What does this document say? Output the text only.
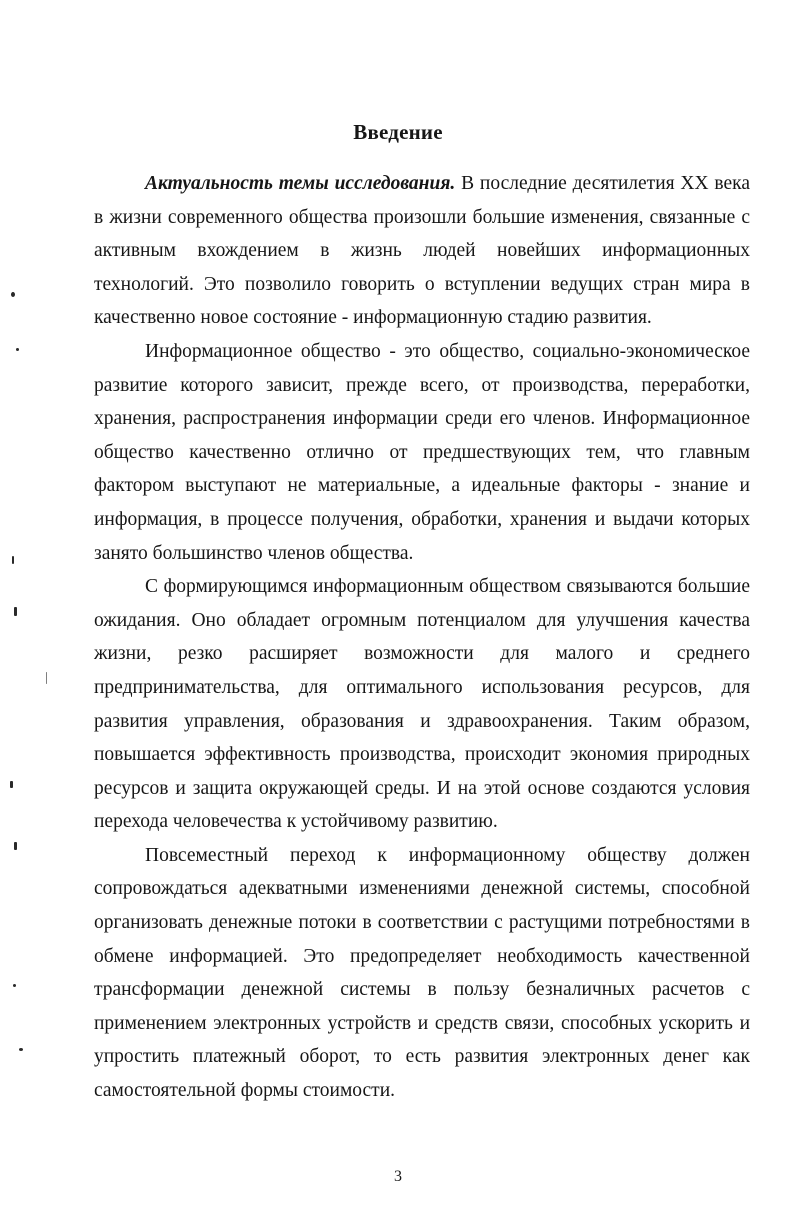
Введение

Актуальность темы исследования. В последние десятилетия XX века в жизни современного общества произошли большие изменения, связанные с активным вхождением в жизнь людей новейших информационных технологий. Это позволило говорить о вступлении ведущих стран мира в качественно новое состояние - информационную стадию развития.

Информационное общество - это общество, социально-экономическое развитие которого зависит, прежде всего, от производства, переработки, хранения, распространения информации среди его членов. Информационное общество качественно отлично от предшествующих тем, что главным фактором выступают не материальные, а идеальные факторы - знание и информация, в процессе получения, обработки, хранения и выдачи которых занято большинство членов общества.

С формирующимся информационным обществом связываются большие ожидания. Оно обладает огромным потенциалом для улучшения качества жизни, резко расширяет возможности для малого и среднего предпринимательства, для оптимального использования ресурсов, для развития управления, образования и здравоохранения. Таким образом, повышается эффективность производства, происходит экономия природных ресурсов и защита окружающей среды. И на этой основе создаются условия перехода человечества к устойчивому развитию.

Повсеместный переход к информационному обществу должен сопровождаться адекватными изменениями денежной системы, способной организовать денежные потоки в соответствии с растущими потребностями в обмене информацией. Это предопределяет необходимость качественной трансформации денежной системы в пользу безналичных расчетов с применением электронных устройств и средств связи, способных ускорить и упростить платежный оборот, то есть развития электронных денег как самостоятельной формы стоимости.

3
